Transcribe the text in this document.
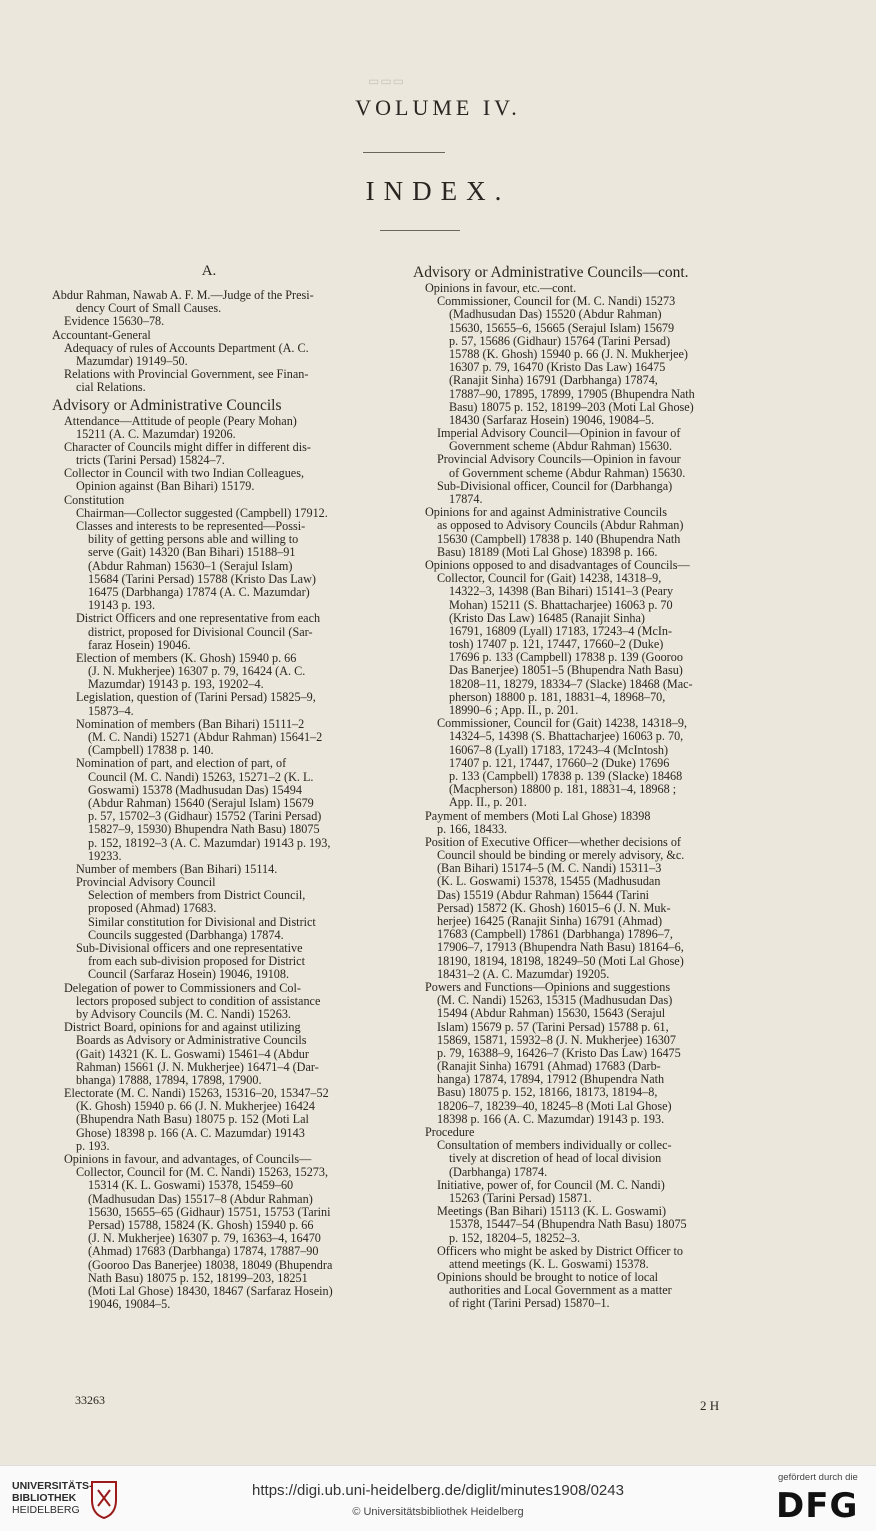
▭▭▭
VOLUME IV.
INDEX.
A.
Abdur Rahman, Nawab A. F. M.—Judge of the Presi-
dency Court of Small Causes.
Evidence 15630–78.
Accountant-General
Adequacy of rules of Accounts Department (A. C.
Mazumdar) 19149–50.
Relations with Provincial Government, see Finan-
cial Relations.
Advisory or Administrative Councils
Attendance—Attitude of people (Peary Mohan)
15211 (A. C. Mazumdar) 19206.
Character of Councils might differ in different dis-
tricts (Tarini Persad) 15824–7.
Collector in Council with two Indian Colleagues,
Opinion against (Ban Bihari) 15179.
Constitution
Chairman—Collector suggested (Campbell) 17912.
Classes and interests to be represented—Possi-
bility of getting persons able and willing to
serve (Gait) 14320 (Ban Bihari) 15188–91
(Abdur Rahman) 15630–1 (Serajul Islam)
15684 (Tarini Persad) 15788 (Kristo Das Law)
16475 (Darbhanga) 17874 (A. C. Mazumdar)
19143 p. 193.
District Officers and one representative from each
district, proposed for Divisional Council (Sar-
faraz Hosein) 19046.
Election of members (K. Ghosh) 15940 p. 66
(J. N. Mukherjee) 16307 p. 79, 16424 (A. C.
Mazumdar) 19143 p. 193, 19202–4.
Legislation, question of (Tarini Persad) 15825–9,
15873–4.
Nomination of members (Ban Bihari) 15111–2
(M. C. Nandi) 15271 (Abdur Rahman) 15641–2
(Campbell) 17838 p. 140.
Nomination of part, and election of part, of
Council (M. C. Nandi) 15263, 15271–2 (K. L.
Goswami) 15378 (Madhusudan Das) 15494
(Abdur Rahman) 15640 (Serajul Islam) 15679
p. 57, 15702–3 (Gidhaur) 15752 (Tarini Persad)
15827–9, 15930) Bhupendra Nath Basu) 18075
p. 152, 18192–3 (A. C. Mazumdar) 19143 p. 193,
19233.
Number of members (Ban Bihari) 15114.
Provincial Advisory Council
Selection of members from District Council,
proposed (Ahmad) 17683.
Similar constitution for Divisional and District
Councils suggested (Darbhanga) 17874.
Sub-Divisional officers and one representative
from each sub-division proposed for District
Council (Sarfaraz Hosein) 19046, 19108.
Delegation of power to Commissioners and Col-
lectors proposed subject to condition of assistance
by Advisory Councils (M. C. Nandi) 15263.
District Board, opinions for and against utilizing
Boards as Advisory or Administrative Councils
(Gait) 14321 (K. L. Goswami) 15461–4 (Abdur
Rahman) 15661 (J. N. Mukherjee) 16471–4 (Dar-
bhanga) 17888, 17894, 17898, 17900.
Electorate (M. C. Nandi) 15263, 15316–20, 15347–52
(K. Ghosh) 15940 p. 66 (J. N. Mukherjee) 16424
(Bhupendra Nath Basu) 18075 p. 152 (Moti Lal
Ghose) 18398 p. 166 (A. C. Mazumdar) 19143
p. 193.
Opinions in favour, and advantages, of Councils—
Collector, Council for (M. C. Nandi) 15263, 15273,
15314 (K. L. Goswami) 15378, 15459–60
(Madhusudan Das) 15517–8 (Abdur Rahman)
15630, 15655–65 (Gidhaur) 15751, 15753 (Tarini
Persad) 15788, 15824 (K. Ghosh) 15940 p. 66
(J. N. Mukherjee) 16307 p. 79, 16363–4, 16470
(Ahmad) 17683 (Darbhanga) 17874, 17887–90
(Gooroo Das Banerjee) 18038, 18049 (Bhupendra
Nath Basu) 18075 p. 152, 18199–203, 18251
(Moti Lal Ghose) 18430, 18467 (Sarfaraz Hosein)
19046, 19084–5.
Advisory or Administrative Councils—cont.
Opinions in favour, etc.—cont.
Commissioner, Council for (M. C. Nandi) 15273
(Madhusudan Das) 15520 (Abdur Rahman)
15630, 15655–6, 15665 (Serajul Islam) 15679
p. 57, 15686 (Gidhaur) 15764 (Tarini Persad)
15788 (K. Ghosh) 15940 p. 66 (J. N. Mukherjee)
16307 p. 79, 16470 (Kristo Das Law) 16475
(Ranajit Sinha) 16791 (Darbhanga) 17874,
17887–90, 17895, 17899, 17905 (Bhupendra Nath
Basu) 18075 p. 152, 18199–203 (Moti Lal Ghose)
18430 (Sarfaraz Hosein) 19046, 19084–5.
Imperial Advisory Council—Opinion in favour of
Government scheme (Abdur Rahman) 15630.
Provincial Advisory Councils—Opinion in favour
of Government scheme (Abdur Rahman) 15630.
Sub-Divisional officer, Council for (Darbhanga)
17874.
Opinions for and against Administrative Councils
as opposed to Advisory Councils (Abdur Rahman)
15630 (Campbell) 17838 p. 140 (Bhupendra Nath
Basu) 18189 (Moti Lal Ghose) 18398 p. 166.
Opinions opposed to and disadvantages of Councils—
Collector, Council for (Gait) 14238, 14318–9,
14322–3, 14398 (Ban Bihari) 15141–3 (Peary
Mohan) 15211 (S. Bhattacharjee) 16063 p. 70
(Kristo Das Law) 16485 (Ranajit Sinha)
16791, 16809 (Lyall) 17183, 17243–4 (McIn-
tosh) 17407 p. 121, 17447, 17660–2 (Duke)
17696 p. 133 (Campbell) 17838 p. 139 (Gooroo
Das Banerjee) 18051–5 (Bhupendra Nath Basu)
18208–11, 18279, 18334–7 (Slacke) 18468 (Mac-
pherson) 18800 p. 181, 18831–4, 18968–70,
18990–6 ; App. II., p. 201.
Commissioner, Council for (Gait) 14238, 14318–9,
14324–5, 14398 (S. Bhattacharjee) 16063 p. 70,
16067–8 (Lyall) 17183, 17243–4 (McIntosh)
17407 p. 121, 17447, 17660–2 (Duke) 17696
p. 133 (Campbell) 17838 p. 139 (Slacke) 18468
(Macpherson) 18800 p. 181, 18831–4, 18968 ;
App. II., p. 201.
Payment of members (Moti Lal Ghose) 18398
p. 166, 18433.
Position of Executive Officer—whether decisions of
Council should be binding or merely advisory, &c.
(Ban Bihari) 15174–5 (M. C. Nandi) 15311–3
(K. L. Goswami) 15378, 15455 (Madhusudan
Das) 15519 (Abdur Rahman) 15644 (Tarini
Persad) 15872 (K. Ghosh) 16015–6 (J. N. Muk-
herjee) 16425 (Ranajit Sinha) 16791 (Ahmad)
17683 (Campbell) 17861 (Darbhanga) 17896–7,
17906–7, 17913 (Bhupendra Nath Basu) 18164–6,
18190, 18194, 18198, 18249–50 (Moti Lal Ghose)
18431–2 (A. C. Mazumdar) 19205.
Powers and Functions—Opinions and suggestions
(M. C. Nandi) 15263, 15315 (Madhusudan Das)
15494 (Abdur Rahman) 15630, 15643 (Serajul
Islam) 15679 p. 57 (Tarini Persad) 15788 p. 61,
15869, 15871, 15932–8 (J. N. Mukherjee) 16307
p. 79, 16388–9, 16426–7 (Kristo Das Law) 16475
(Ranajit Sinha) 16791 (Ahmad) 17683 (Darb-
hanga) 17874, 17894, 17912 (Bhupendra Nath
Basu) 18075 p. 152, 18166, 18173, 18194–8,
18206–7, 18239–40, 18245–8 (Moti Lal Ghose)
18398 p. 166 (A. C. Mazumdar) 19143 p. 193.
Procedure
Consultation of members individually or collec-
tively at discretion of head of local division
(Darbhanga) 17874.
Initiative, power of, for Council (M. C. Nandi)
15263 (Tarini Persad) 15871.
Meetings (Ban Bihari) 15113 (K. L. Goswami)
15378, 15447–54 (Bhupendra Nath Basu) 18075
p. 152, 18204–5, 18252–3.
Officers who might be asked by District Officer to
attend meetings (K. L. Goswami) 15378.
Opinions should be brought to notice of local
authorities and Local Government as a matter
of right (Tarini Persad) 15870–1.
33263	2 H
UNIVERSITÄTS-
BIBLIOTHEK
HEIDELBERG
https://digi.ub.uni-heidelberg.de/diglit/minutes1908/0243
© Universitätsbibliothek Heidelberg
gefördert durch die
DFG
